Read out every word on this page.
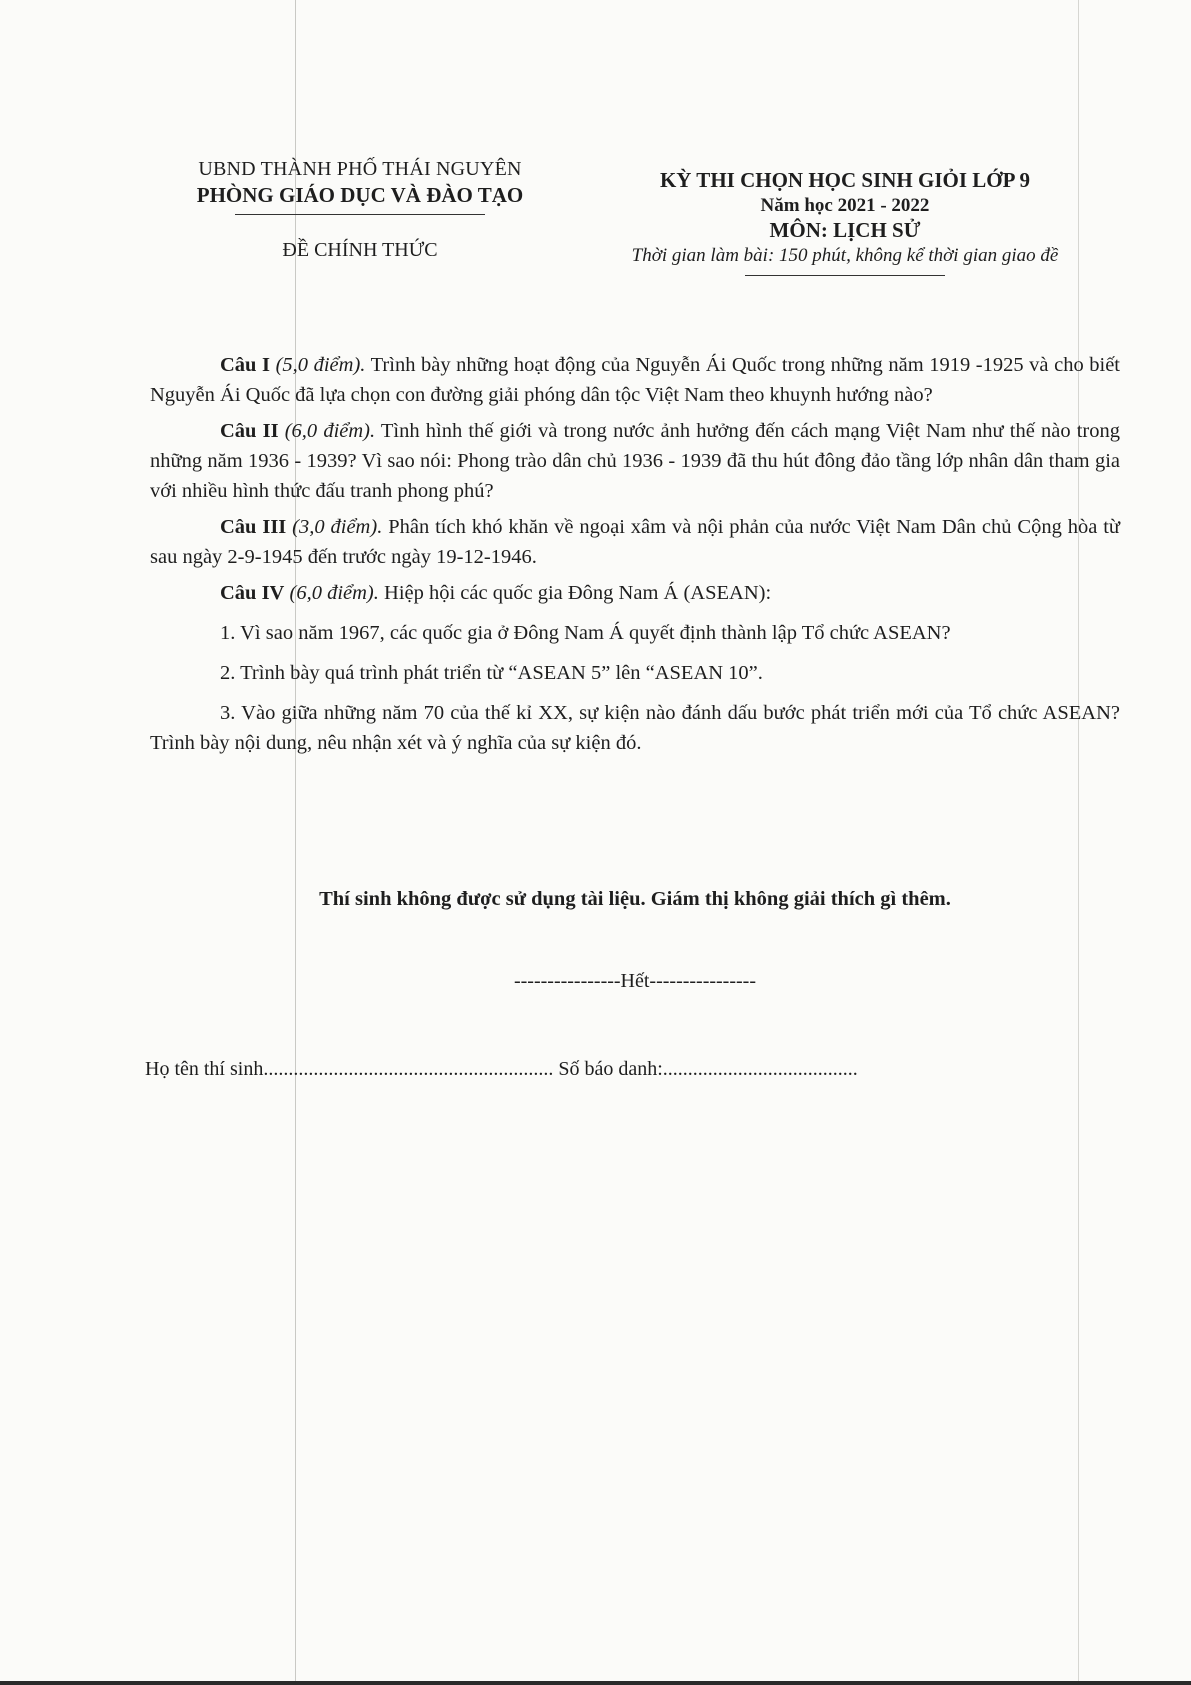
UBND THÀNH PHỐ THÁI NGUYÊN
PHÒNG GIÁO DỤC VÀ ĐÀO TẠO
ĐỀ CHÍNH THỨC
KỲ THI CHỌN HỌC SINH GIỎI LỚP 9
Năm học 2021 - 2022
MÔN: LỊCH SỬ
Thời gian làm bài: 150 phút, không kể thời gian giao đề

Câu I (5,0 điểm). Trình bày những hoạt động của Nguyễn Ái Quốc trong những năm 1919 -1925 và cho biết Nguyễn Ái Quốc đã lựa chọn con đường giải phóng dân tộc Việt Nam theo khuynh hướng nào?

Câu II (6,0 điểm). Tình hình thế giới và trong nước ảnh hưởng đến cách mạng Việt Nam như thế nào trong những năm 1936 - 1939? Vì sao nói: Phong trào dân chủ 1936 - 1939 đã thu hút đông đảo tầng lớp nhân dân tham gia với nhiều hình thức đấu tranh phong phú?

Câu III (3,0 điểm). Phân tích khó khăn về ngoại xâm và nội phản của nước Việt Nam Dân chủ Cộng hòa từ sau ngày 2-9-1945 đến trước ngày 19-12-1946.

Câu IV (6,0 điểm). Hiệp hội các quốc gia Đông Nam Á (ASEAN):

1. Vì sao năm 1967, các quốc gia ở Đông Nam Á quyết định thành lập Tổ chức ASEAN?

2. Trình bày quá trình phát triển từ “ASEAN 5” lên “ASEAN 10”.

3. Vào giữa những năm 70 của thế kỉ XX, sự kiện nào đánh dấu bước phát triển mới của Tổ chức ASEAN? Trình bày nội dung, nêu nhận xét và ý nghĩa của sự kiện đó.

Thí sinh không được sử dụng tài liệu. Giám thị không giải thích gì thêm.
----------------Hết----------------
Họ tên thí sinh.......................................................... Số báo danh:.......................................
